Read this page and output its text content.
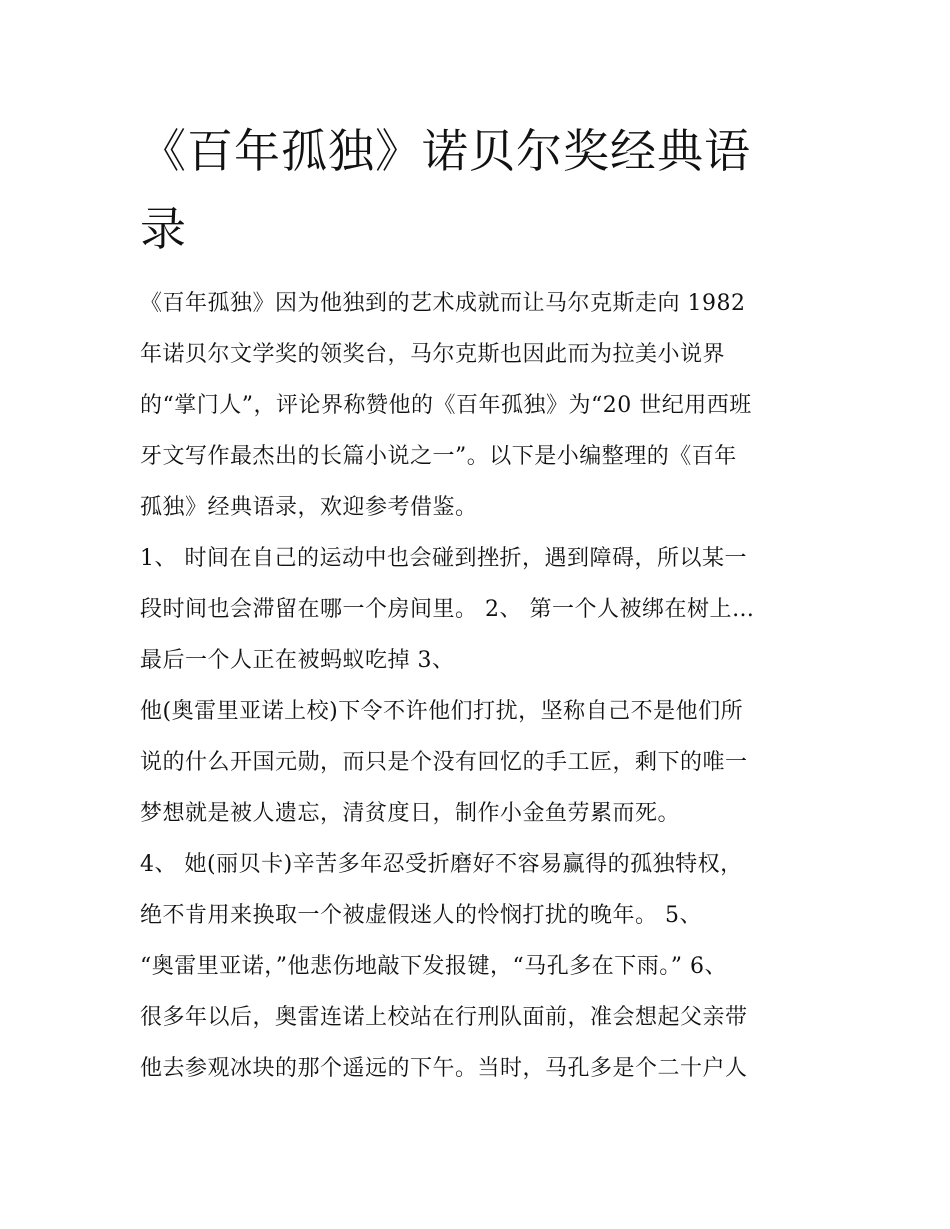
《百年孤独》诺贝尔奖经典语
录
《百年孤独》因为他独到的艺术成就而让马尔克斯走向 1982
年诺贝尔文学奖的领奖台，马尔克斯也因此而为拉美小说界
的“掌门人”，评论界称赞他的《百年孤独》为“20 世纪用西班
牙文写作最杰出的长篇小说之一”。以下是小编整理的《百年
孤独》经典语录，欢迎参考借鉴。
1、 时间在自己的运动中也会碰到挫折，遇到障碍，所以某一
段时间也会滞留在哪一个房间里。 2、 第一个人被绑在树上…
最后一个人正在被蚂蚁吃掉 3、
他(奥雷里亚诺上校)下令不许他们打扰，坚称自己不是他们所
说的什么开国元勋，而只是个没有回忆的手工匠，剩下的唯一
梦想就是被人遗忘，清贫度日，制作小金鱼劳累而死。
4、 她(丽贝卡)辛苦多年忍受折磨好不容易赢得的孤独特权，
绝不肯用来换取一个被虚假迷人的怜悯打扰的晚年。 5、
“奥雷里亚诺，”他悲伤地敲下发报键，“马孔多在下雨。” 6、
很多年以后，奥雷连诺上校站在行刑队面前，准会想起父亲带
他去参观冰块的那个遥远的下午。当时，马孔多是个二十户人
